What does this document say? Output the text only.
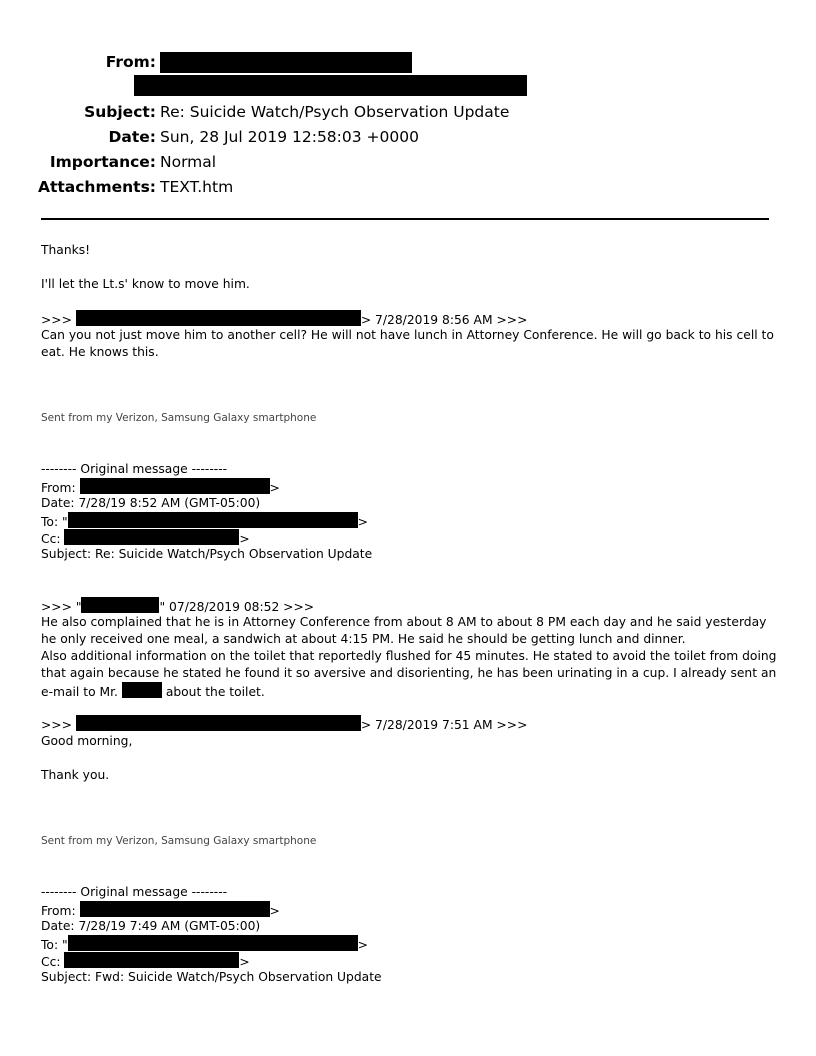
From:
Subject: Re: Suicide Watch/Psych Observation Update
Date: Sun, 28 Jul 2019 12:58:03 +0000
Importance: Normal
Attachments: TEXT.htm
Thanks!
I'll let the Lt.s' know to move him.
>>>	> 7/28/2019 8:56 AM >>>
Can you not just move him to another cell? He will not have lunch in Attorney Conference. He will go back to his cell to eat. He knows this.
Sent from my Verizon, Samsung Galaxy smartphone
-------- Original message --------
From:	>
Date: 7/28/19 8:52 AM (GMT-05:00)
To: "	>
Cc:	>
Subject: Re: Suicide Watch/Psych Observation Update
>>> "	" 07/28/2019 08:52 >>>
He also complained that he is in Attorney Conference from about 8 AM to about 8 PM each day and he said yesterday he only received one meal, a sandwich at about 4:15 PM. He said he should be getting lunch and dinner.
Also additional information on the toilet that reportedly flushed for 45 minutes. He stated to avoid the toilet from doing that again because he stated he found it so aversive and disorienting, he has been urinating in a cup. I already sent an e-mail to Mr.	about the toilet.
>>>	> 7/28/2019 7:51 AM >>>
Good morning,
Thank you.
Sent from my Verizon, Samsung Galaxy smartphone
-------- Original message --------
From:	>
Date: 7/28/19 7:49 AM (GMT-05:00)
To: "	>
Cc:	>
Subject: Fwd: Suicide Watch/Psych Observation Update
